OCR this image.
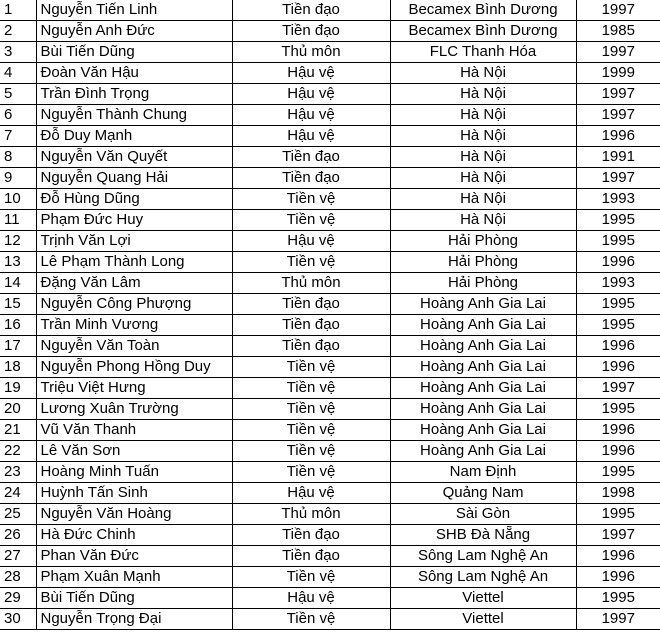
1	Nguyễn Tiến Linh	Tiền đạo	Becamex Bình Dương	1997
2	Nguyễn Anh Đức	Tiền đạo	Becamex Bình Dương	1985
3	Bùi Tiến Dũng	Thủ môn	FLC Thanh Hóa	1997
4	Đoàn Văn Hậu	Hậu vệ	Hà Nội	1999
5	Trần Đình Trọng	Hậu vệ	Hà Nội	1997
6	Nguyễn Thành Chung	Hậu vệ	Hà Nội	1997
7	Đỗ Duy Mạnh	Hậu vệ	Hà Nội	1996
8	Nguyễn Văn Quyết	Tiền đạo	Hà Nội	1991
9	Nguyễn Quang Hải	Tiền đạo	Hà Nội	1997
10	Đỗ Hùng Dũng	Tiền vệ	Hà Nội	1993
11	Phạm Đức Huy	Tiền vệ	Hà Nội	1995
12	Trịnh Văn Lợi	Hậu vệ	Hải Phòng	1995
13	Lê Phạm Thành Long	Tiền vệ	Hải Phòng	1996
14	Đặng Văn Lâm	Thủ môn	Hải Phòng	1993
15	Nguyễn Công Phượng	Tiền đạo	Hoàng Anh Gia Lai	1995
16	Trần Minh Vương	Tiền đạo	Hoàng Anh Gia Lai	1995
17	Nguyễn Văn Toàn	Tiền đạo	Hoàng Anh Gia Lai	1996
18	Nguyễn Phong Hồng Duy	Tiền vệ	Hoàng Anh Gia Lai	1996
19	Triệu Việt Hưng	Tiền vệ	Hoàng Anh Gia Lai	1997
20	Lương Xuân Trường	Tiền vệ	Hoàng Anh Gia Lai	1995
21	Vũ Văn Thanh	Tiền vệ	Hoàng Anh Gia Lai	1996
22	Lê Văn Sơn	Tiền vệ	Hoàng Anh Gia Lai	1996
23	Hoàng Minh Tuấn	Tiền vệ	Nam Định	1995
24	Huỳnh Tấn Sinh	Hậu vệ	Quảng Nam	1998
25	Nguyễn Văn Hoàng	Thủ môn	Sài Gòn	1995
26	Hà Đức Chinh	Tiền đạo	SHB Đà Nẵng	1997
27	Phan Văn Đức	Tiền đạo	Sông Lam Nghệ An	1996
28	Phạm Xuân Mạnh	Tiền vệ	Sông Lam Nghệ An	1996
29	Bùi Tiến Dũng	Hậu vệ	Viettel	1995
30	Nguyễn Trọng Đại	Tiền vệ	Viettel	1997
